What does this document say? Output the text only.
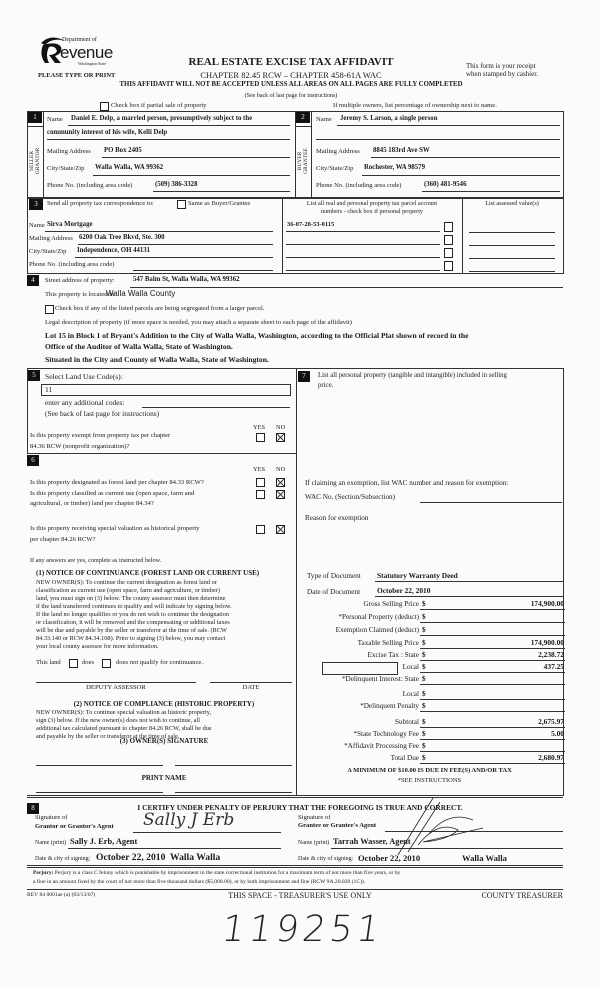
Department of
evenue
Washington State
PLEASE TYPE OR PRINT
REAL ESTATE EXCISE TAX AFFIDAVIT
CHAPTER 82.45 RCW – CHAPTER 458-61A WAC
THIS AFFIDAVIT WILL NOT BE ACCEPTED UNLESS ALL AREAS ON ALL PAGES ARE FULLY COMPLETED
This form is your receipt
when stamped by cashier.
(See back of last page for instructions)
Check box if partial sale of property	If multiple owners, list percentage of ownership next to name.
1	2
SELLER
GRANTOR	BUYER
GRANTEE
Name Daniel E. Delp, a married person, presumptively subject to the
community interest of his wife, Kelli Delp
Mailing Address PO Box 2405
City/State/Zip Walla Walla, WA 99362
Phone No. (including area code)	(509) 386-3328
Name Jeremy S. Larson, a single person
Mailing Address 8845 183rd Ave SW
City/State/Zip Rochester, WA 98579
Phone No. (including area code)	(360) 481-9546
3	Send all property tax correspondence to:	Same as Buyer/Grantee
Name Sirva Mortgage
Mailing Address 6200 Oak Tree Bkvd, Ste. 300
City/State/Zip Independence, OH 44131
Phone No. (including area code)
List all real and personal property tax parcel account
numbers - check box if personal property
List assessed value(s)
36-07-28-53-0115
4	Street address of property:	547 Balm St, Walla Walla, WA 99362
This property is located in
Walla Walla County
Check box if any of the listed parcels are being segregated from a larger parcel.
Legal description of property (if more space is needed, you may attach a separate sheet to each page of the affidavit)
Lot 15 in Block 1 of Bryant's Addition to the City of Walla Walla, Washington, according to the Official Plat shown of record in the
Office of the Auditor of Walla Walla, State of Washington.
Situated in the City and County of Walla Walla, State of Washington.
5	Select Land Use Code(s):
11
enter any additional codes:
(See back of last page for instructions)
YES NO
Is this property exempt from property tax per chapter
84.36 RCW (nonprofit organization)?
6
YES NO
Is this property designated as forest land per chapter 84.33 RCW?
Is this property classified as current use (open space, farm and
agricultural, or timber) land per chapter 84.34?
Is this property receiving special valuation as historical property
per chapter 84.26 RCW?
If any answers are yes, complete as instructed below.
(1) NOTICE OF CONTINUANCE (FOREST LAND OR CURRENT USE)
NEW OWNER(S): To continue the current designation as forest land or
classification as current use (open space, farm and agriculture, or timber)
land, you must sign on (3) below. The county assessor must then determine
if the land transferred continues to qualify and will indicate by signing below.
If the land no longer qualifies or you do not wish to continue the designation
or classification, it will be removed and the compensating or additional taxes
will be due and payable by the seller or transferor at the time of sale. (RCW
84.33.140 or RCW 84.34.108). Prior to signing (3) below, you may contact
your local county assessor for more information.
This land	does	does not qualify for continuance.
DEPUTY ASSESSOR	DATE
(2) NOTICE OF COMPLIANCE (HISTORIC PROPERTY)
NEW OWNER(S): To continue special valuation as historic property,
sign (3) below. If the new owner(s) does not wish to continue, all
additional tax calculated pursuant to chapter 84.26 RCW, shall be due
and payable by the seller or transferor at the time of sale.
(3) OWNER(S) SIGNATURE
PRINT NAME
7	List all personal property (tangible and intangible) included in selling
price.
If claiming an exemption, list WAC number and reason for exemption:
WAC No. (Section/Subsection)
Reason for exemption
Type of Document Statutory Warranty Deed
Date of Document October 22, 2010
Gross Selling Price $	174,900.00
*Personal Property (deduct) $
Exemption Claimed (deduct) $
Taxable Selling Price $	174,900.00
Excise Tax : State $	2,238.72
Local $	437.25
*Delinquent Interest: State $
Local $
*Delinquent Penalty $
Subtotal $	2,675.97
*State Technology Fee $	5.00
*Affidavit Processing Fee $
Total Due $	2,680.97
A MINIMUM OF $10.00 IS DUE IN FEE(S) AND/OR TAX
*SEE INSTRUCTIONS
8	I CERTIFY UNDER PENALTY OF PERJURY THAT THE FOREGOING IS TRUE AND CORRECT.
Signature of
Grantor or Grantor's Agent Sally J Erb
Name (print) Sally J. Erb, Agent
Date & city of signing: October 22, 2010 Walla Walla
Signature of
Grantee or Grantee's Agent
Name (print) Tarrah Wasser, Agent
Date & city of signing: October 22, 2010	Walla Walla
Perjury: Perjury is a class C felony which is punishable by imprisonment in the state correctional institution for a maximum term of not more than five years, or by
a fine in an amount fixed by the court of not more than five thousand dollars ($5,000.00), or by both imprisonment and fine (RCW 9A.20.020 (1C)).
REV 84 0001ae (a) (03/13/07)	THIS SPACE - TREASURER'S USE ONLY	COUNTY TREASURER
119251
